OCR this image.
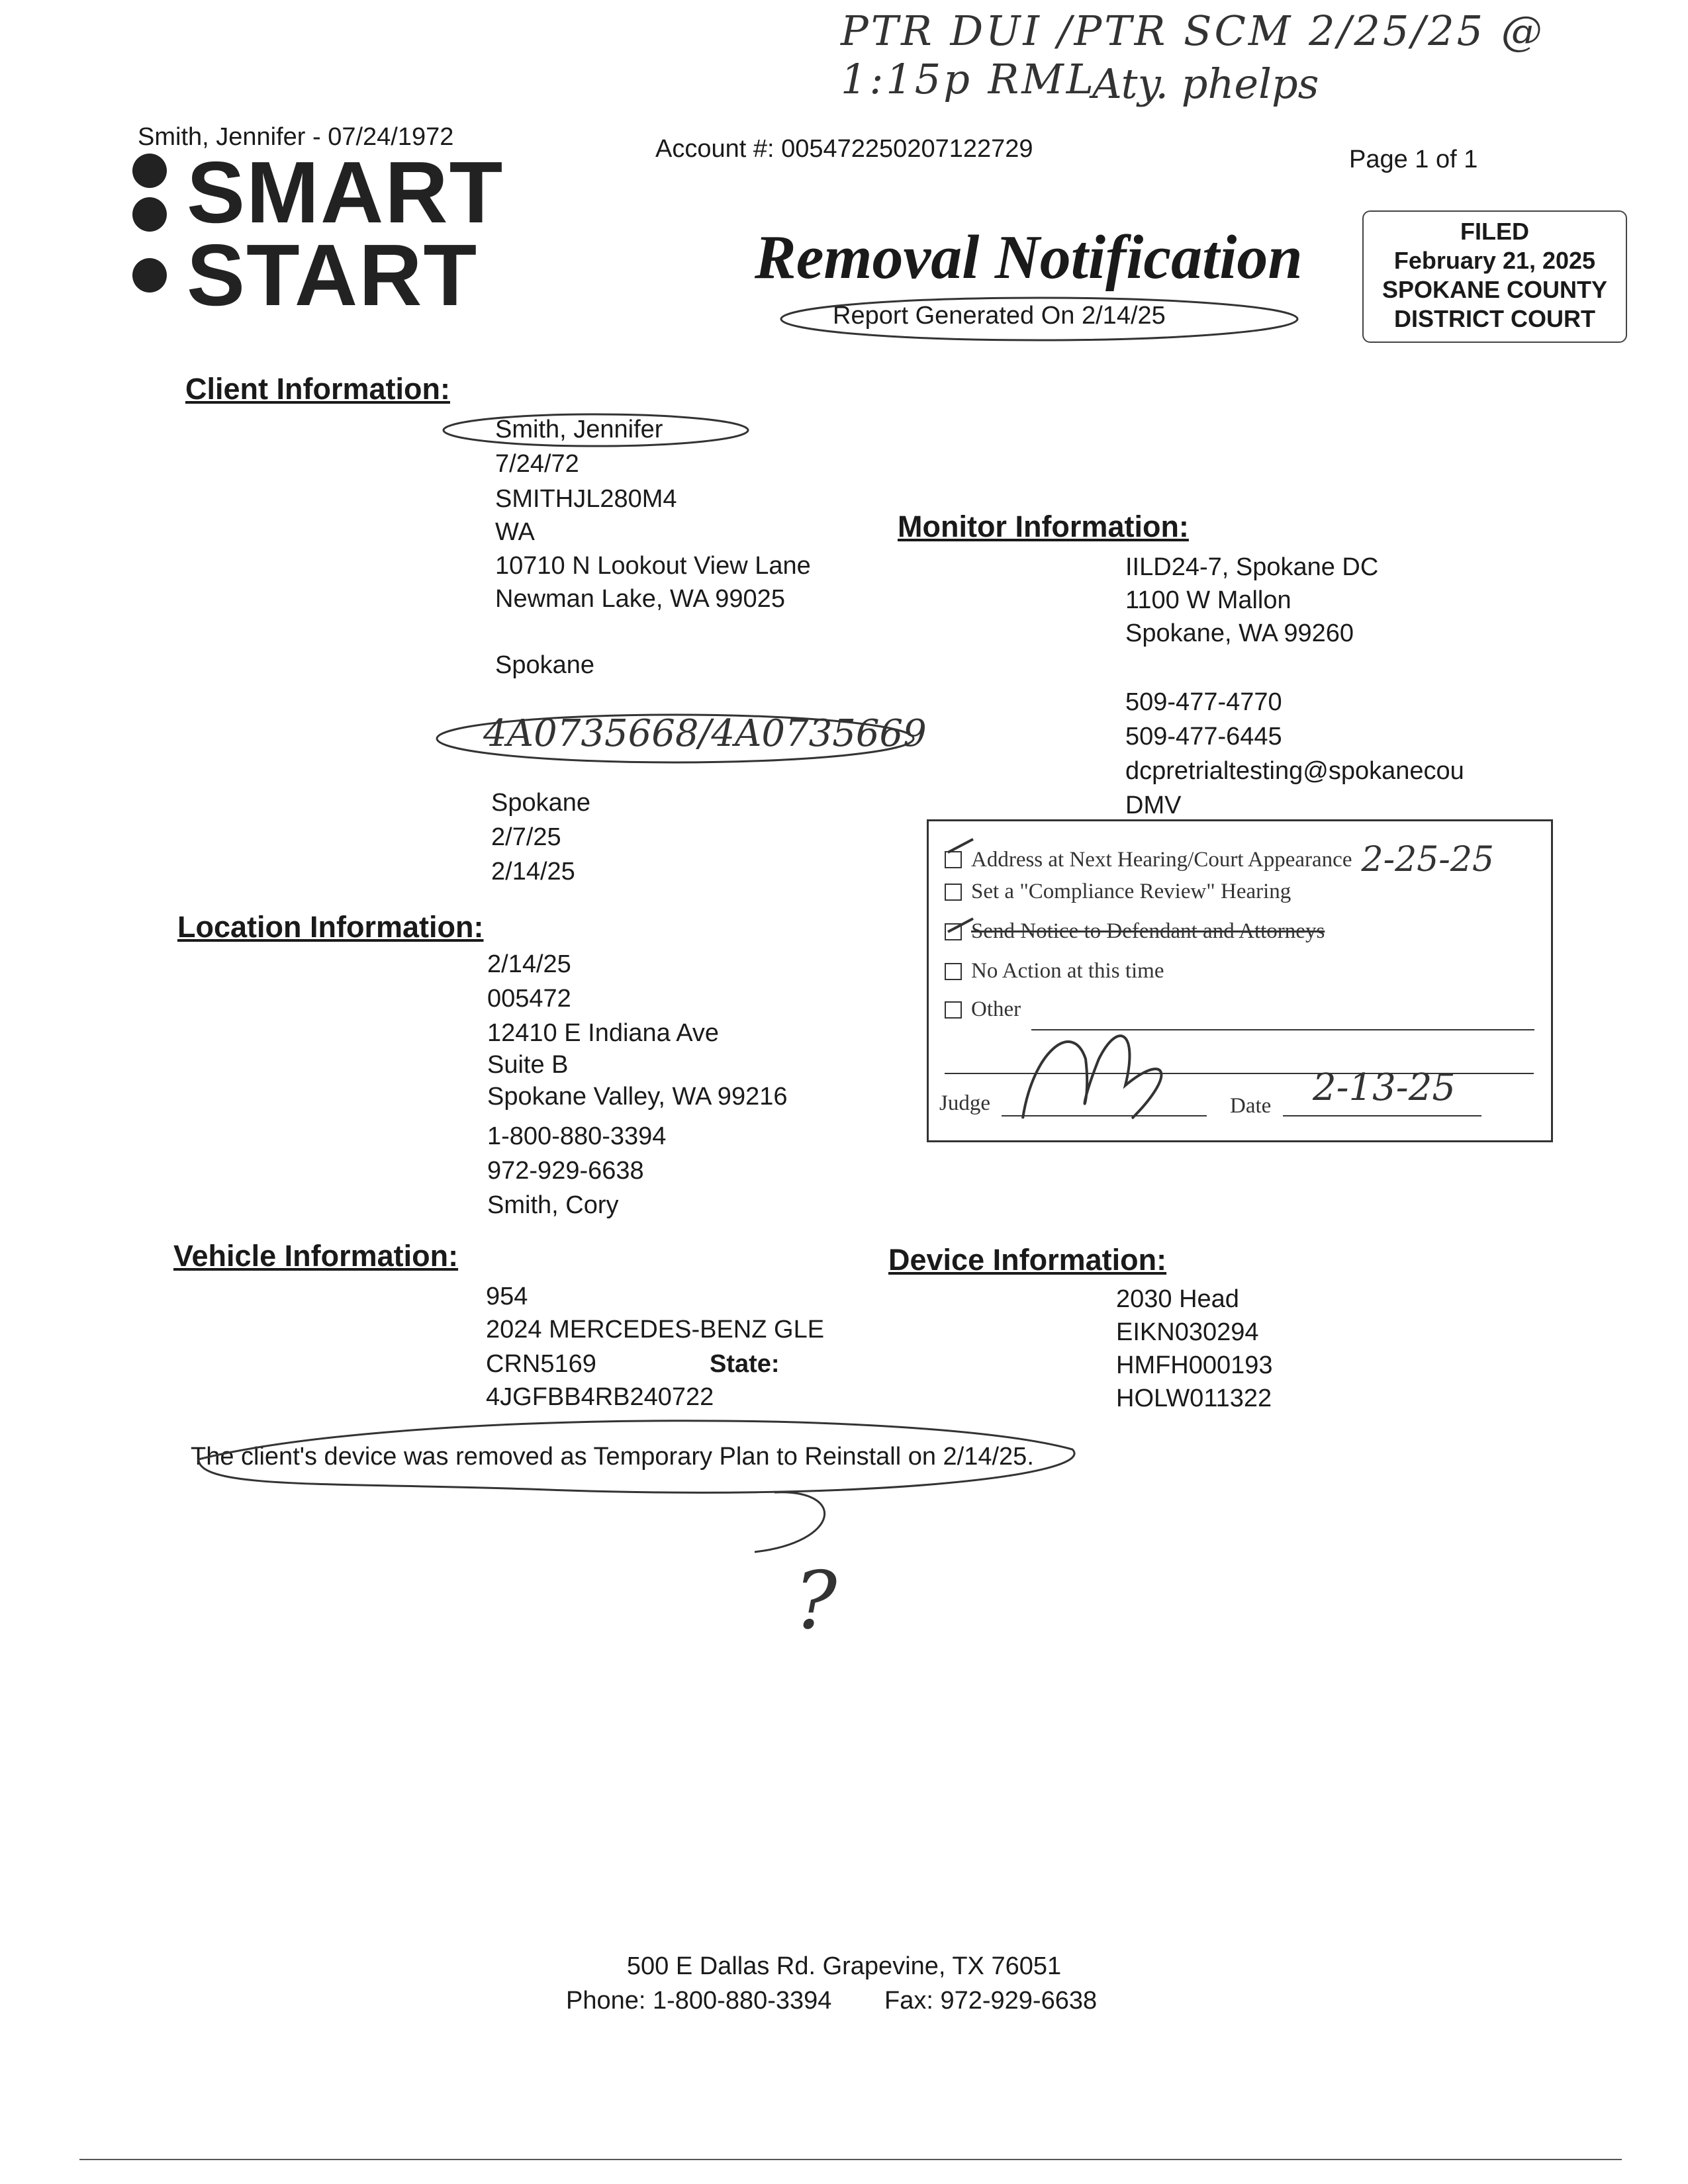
PTR DUI /PTR SCM 2/25/25 @ 1:15p RML
Aty. phelps
Smith, Jennifer - 07/24/1972
SMART
START
Account #: 005472250207122729	Page 1 of 1
FILED
February 21, 2025
SPOKANE COUNTY
DISTRICT COURT
Removal Notification
Report Generated On 2/14/25
Client Information:
Smith, Jennifer
7/24/72
SMITHJL280M4
WA
10710 N Lookout View Lane
Newman Lake, WA 99025
Spokane
4A0735668/4A0735669
Spokane
2/7/25
2/14/25
Monitor Information:
IILD24-7, Spokane DC
1100 W Mallon
Spokane, WA 99260
509-477-4770
509-477-6445
dcpretrialtesting@spokanecou
DMV
Address at Next Hearing/Court Appearance 2-25-25
Set a "Compliance Review" Hearing
Send Notice to Defendant and Attorneys
No Action at this time
Other
Judge	Date 2-13-25
Location Information:
2/14/25
005472
12410 E Indiana Ave
Suite B
Spokane Valley, WA 99216
1-800-880-3394
972-929-6638
Smith, Cory
Vehicle Information:
954
2024 MERCEDES-BENZ GLE
CRN5169	State:
4JGFBB4RB240722
Device Information:
2030 Head
EIKN030294
HMFH000193
HOLW011322
The client's device was removed as Temporary Plan to Reinstall on 2/14/25.
?
500 E Dallas Rd. Grapevine, TX 76051
Phone: 1-800-880-3394 Fax: 972-929-6638
